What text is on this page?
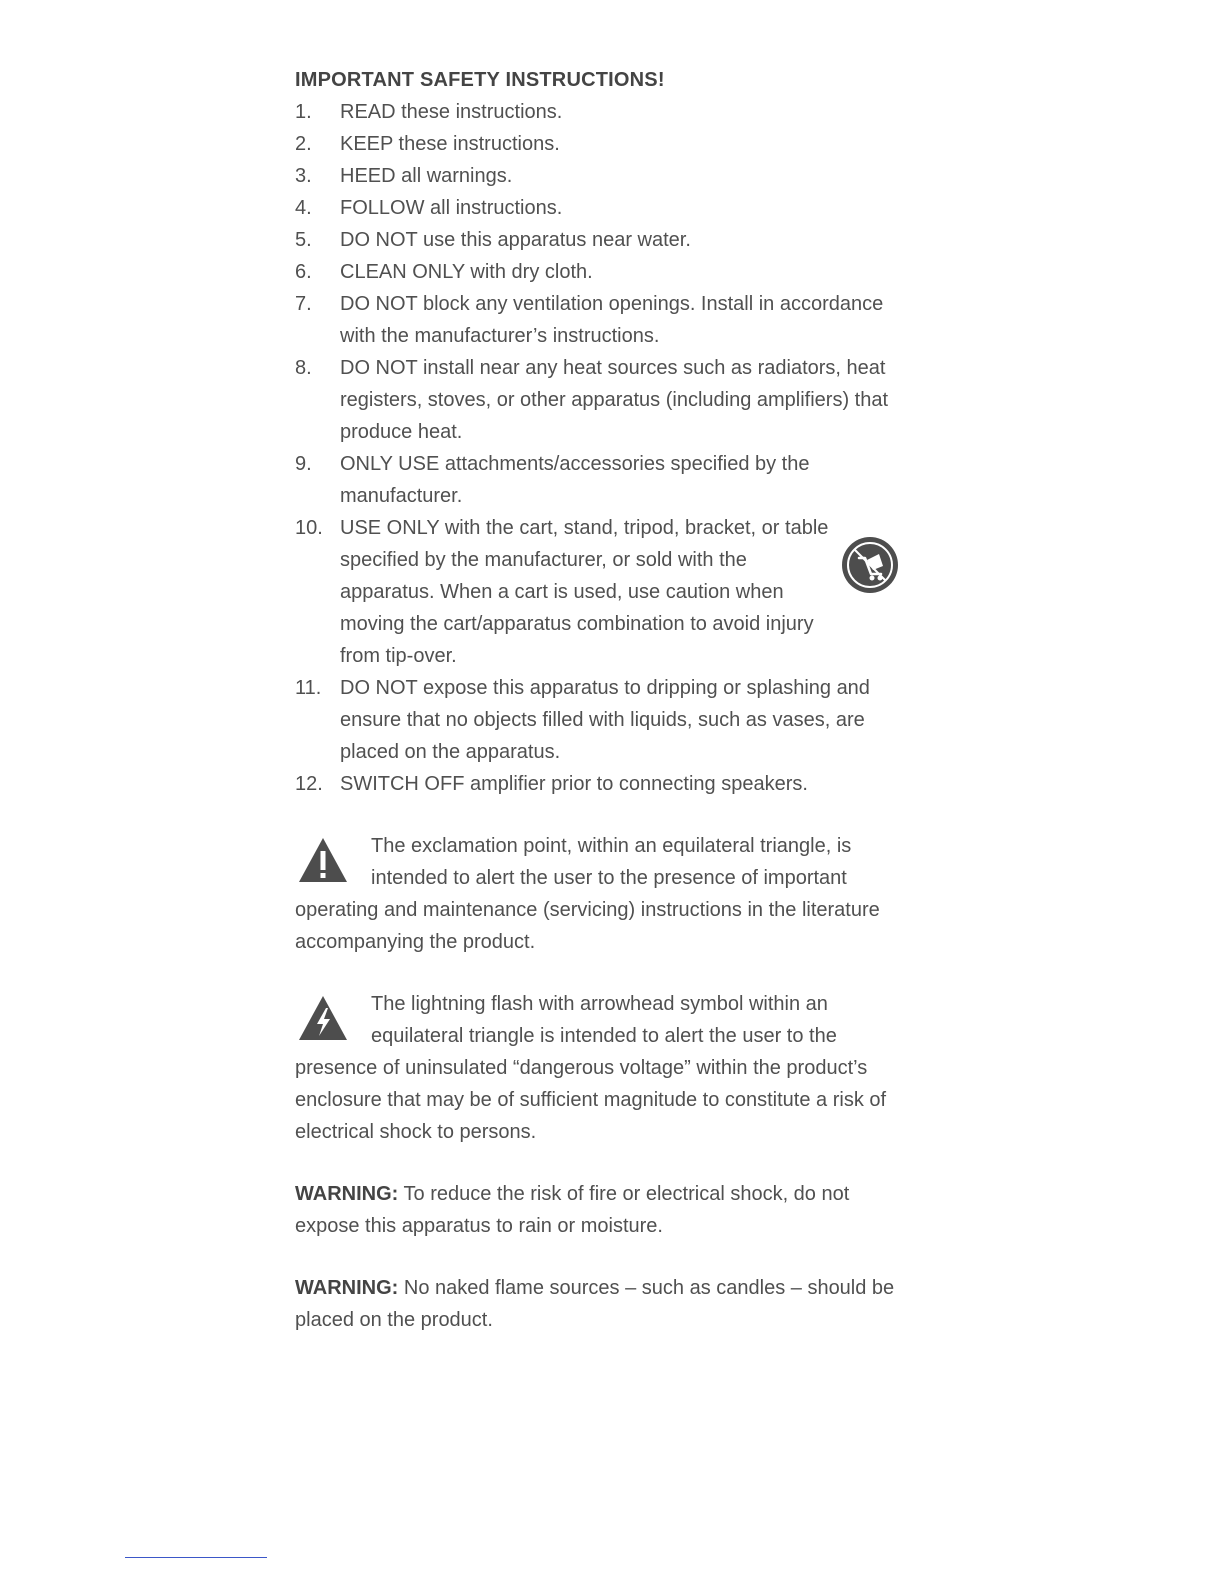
IMPORTANT SAFETY INSTRUCTIONS!
1.	READ these instructions.
2.	KEEP these instructions.
3.	HEED all warnings.
4.	FOLLOW all instructions.
5.	DO NOT use this apparatus near water.
6.	CLEAN ONLY with dry cloth.
7.	DO NOT block any ventilation openings. Install in accordance with the manufacturer’s instructions.
8.	DO NOT install near any heat sources such as radiators, heat registers, stoves, or other apparatus (including amplifiers) that produce heat.
9.	ONLY USE attachments/accessories specified by the manufacturer.
10. USE ONLY with the cart, stand, tripod, bracket, or table specified by the manufacturer, or sold with the apparatus. When a cart is used, use caution when moving the cart/apparatus combination to avoid injury from tip-over.
11. DO NOT expose this apparatus to dripping or splashing and ensure that no objects filled with liquids, such as vases, are placed on the apparatus.
12. SWITCH OFF amplifier prior to connecting speakers.
The exclamation point, within an equilateral triangle, is intended to alert the user to the presence of important operating and maintenance (servicing) instructions in the literature accompanying the product.
The lightning flash with arrowhead symbol within an equilateral triangle is intended to alert the user to the presence of uninsulated “dangerous voltage” within the product’s enclosure that may be of sufficient magnitude to constitute a risk of electrical shock to persons.

WARNING: To reduce the risk of fire or electrical shock, do not expose this apparatus to rain or moisture.

WARNING: No naked flame sources – such as candles – should be placed on the product.
